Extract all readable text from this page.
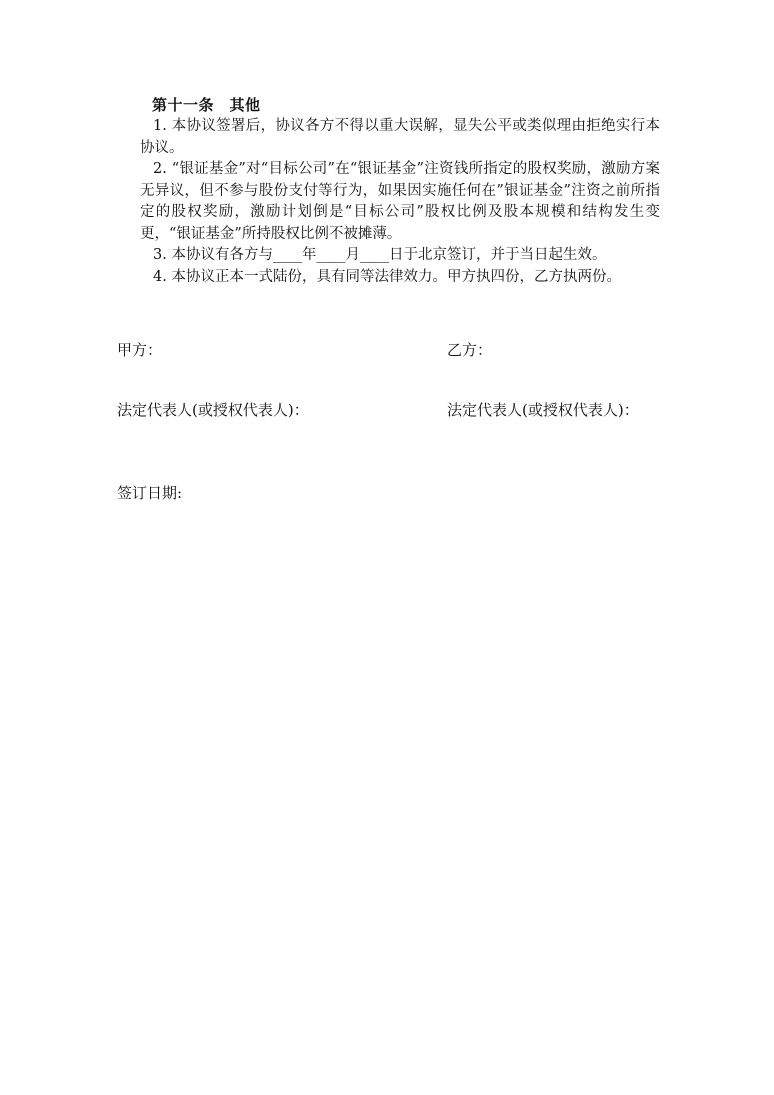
第十一条　其他

1. 本协议签署后，协议各方不得以重大误解，显失公平或类似理由拒绝实行本协议。

2. “银证基金”对“目标公司”在“银证基金”注资钱所指定的股权奖励，激励方案无异议，但不参与股份支付等行为，如果因实施任何在”银证基金”注资之前所指定的股权奖励，激励计划倒是“目标公司”股权比例及股本规模和结构发生变更，“银证基金”所持股权比例不被摊薄。

3. 本协议有各方与____年____月____日于北京签订，并于当日起生效。

4. 本协议正本一式陆份，具有同等法律效力。甲方执四份，乙方执两份。

甲方：	乙方：
法定代表人(或授权代表人)：	法定代表人(或授权代表人)：
签订日期:
